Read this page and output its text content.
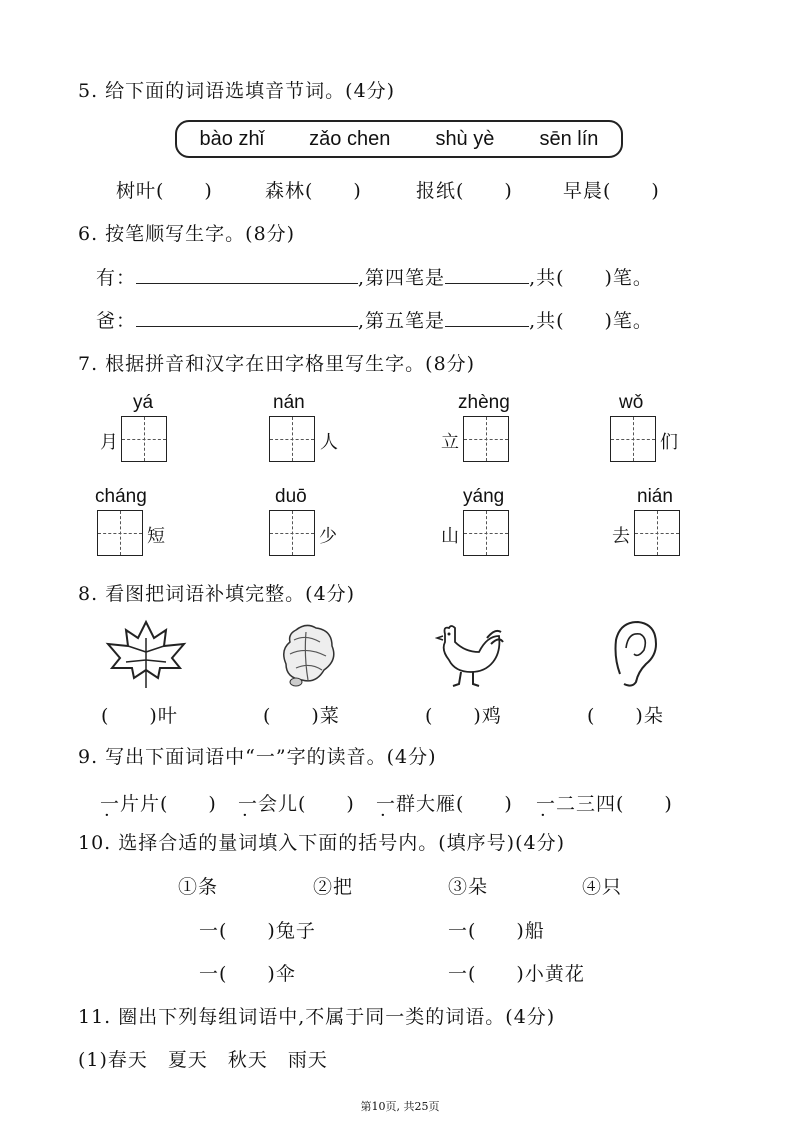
5. 给下面的词语选填音节词。(4分)
bào zhǐ zǎo chen shù yè sēn lín
树叶(　　)	森林(　　)	报纸(　　)	早晨(　　)
6. 按笔顺写生字。(8分)
有：	,第四笔是	,共(　　)笔。
爸：	,第五笔是	,共(　　)笔。
7. 根据拼音和汉字在田字格里写生字。(8分)
yá
月
nán
人
zhèng
立
wǒ
们
cháng
短
duō
少
yáng
山
nián
去
8. 看图把词语补填完整。(4分)
(　　)叶	(　　)菜	(　　)鸡	(　　)朵
9. 写出下面词语中“一”字的读音。(4分)
一片片(　　) 一会儿(　　) 一群大雁(　　) 一二三四(　　)
10. 选择合适的量词填入下面的括号内。(填序号)(4分)
①条	②把	③朵	④只
一(　　)兔子	一(　　)船
一(　　)伞	一(　　)小黄花
11. 圈出下列每组词语中,不属于同一类的词语。(4分)
(1)春天　夏天　秋天　雨天
第10页, 共25页
